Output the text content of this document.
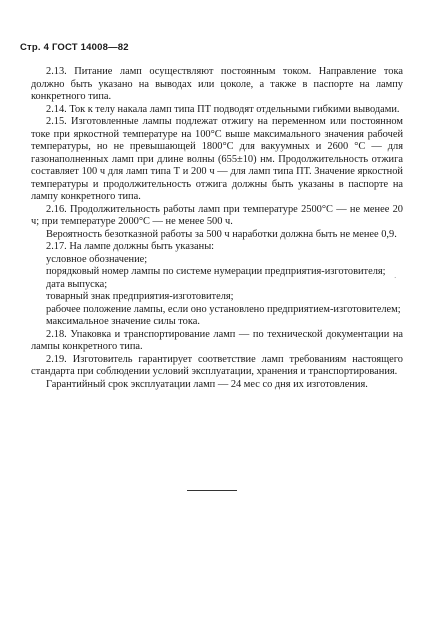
Стр. 4 ГОСТ 14008—82

2.13. Питание ламп осуществляют постоянным током. Направление тока должно быть указано на выводах или цоколе, а также в паспорте на лампу конкретного типа.

2.14. Ток к телу накала ламп типа ПТ подводят отдельными гибкими выводами.

2.15. Изготовленные лампы подлежат отжигу на переменном или постоянном токе при яркостной температуре на 100°С выше максимального значения рабочей температуры, но не превышающей 1800°С для вакуумных и 2600 °С — для газонаполненных ламп при длине волны (655±10) нм. Продолжительность отжига составляет 100 ч для ламп типа Т и 200 ч — для ламп типа ПТ. Значение яркостной температуры и продолжительность отжига должны быть указаны в паспорте на лампу конкретного типа.

2.16. Продолжительность работы ламп при температуре 2500°С — не менее 20 ч; при температуре 2000°С — не менее 500 ч.

Вероятность безотказной работы за 500 ч наработки должна быть не менее 0,9.

2.17. На лампе должны быть указаны:

условное обозначение;

порядковый номер лампы по системе нумерации предприятия-изготовителя;

дата выпуска;

товарный знак предприятия-изготовителя;

рабочее положение лампы, если оно установлено предприятием-изготовителем;

максимальное значение силы тока.

2.18. Упаковка и транспортирование ламп — по технической документации на лампы конкретного типа.

2.19. Изготовитель гарантирует соответствие ламп требованиям настоящего стандарта при соблюдении условий эксплуатации, хранения и транспортирования.

Гарантийный срок эксплуатации ламп — 24 мес со дня их изготовления.

·
